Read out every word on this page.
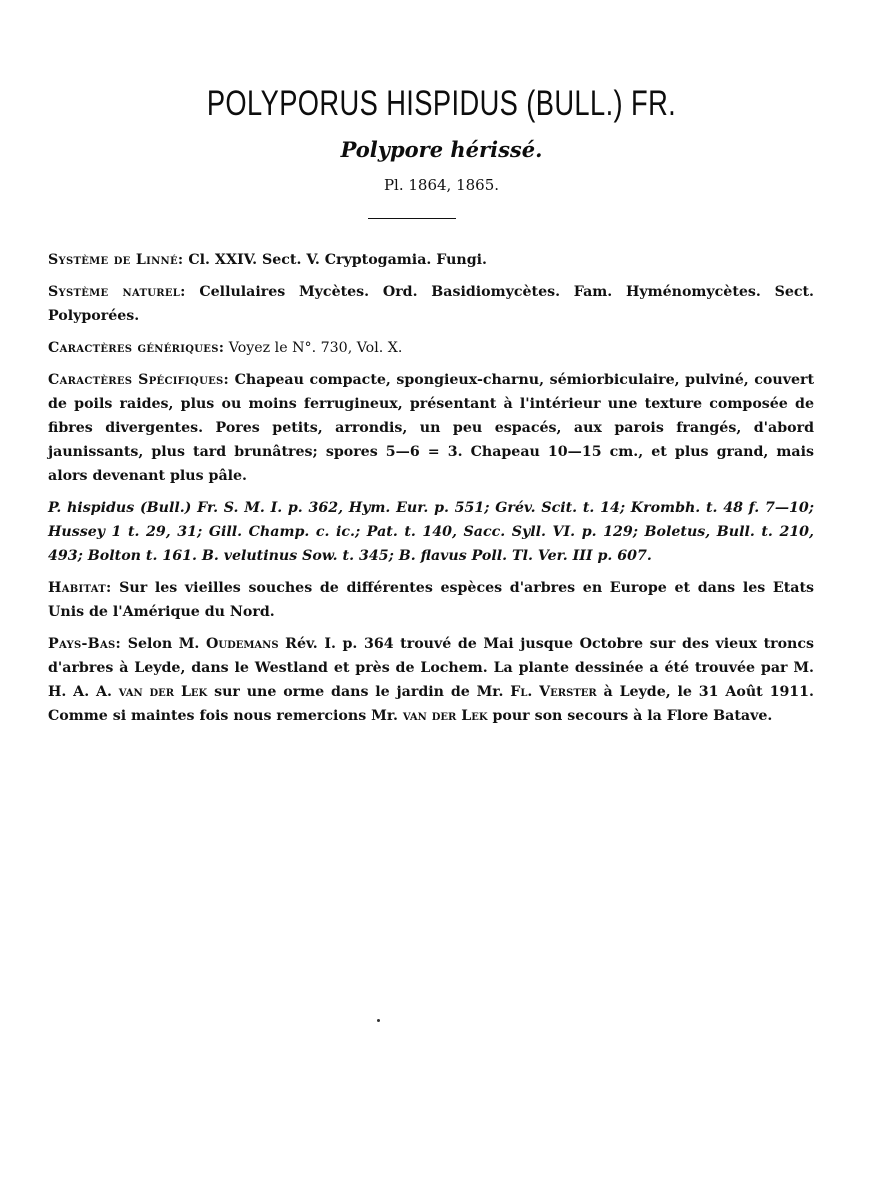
POLYPORUS HISPIDUS (BULL.) FR.
Polypore hérissé.
Pl. 1864, 1865.

Système de Linné: Cl. XXIV. Sect. V. Cryptogamia. Fungi.

Système naturel: Cellulaires Mycètes. Ord. Basidiomycètes. Fam. Hyménomycètes. Sect. Polyporées.

Caractères génériques: Voyez le N°. 730, Vol. X.

Caractères Spécifiques: Chapeau compacte, spongieux-charnu, sémiorbiculaire, pulviné, couvert de poils raides, plus ou moins ferrugineux, présentant à l'intérieur une texture composée de fibres divergentes. Pores petits, arrondis, un peu espacés, aux parois frangés, d'abord jaunissants, plus tard brunâtres; spores 5—6 = 3. Chapeau 10—15 cm., et plus grand, mais alors devenant plus pâle.

P. hispidus (Bull.) Fr. S. M. I. p. 362, Hym. Eur. p. 551; Grév. Scit. t. 14; Krombh. t. 48 f. 7—10; Hussey 1 t. 29, 31; Gill. Champ. c. ic.; Pat. t. 140, Sacc. Syll. VI. p. 129; Boletus, Bull. t. 210, 493; Bolton t. 161. B. velutinus Sow. t. 345; B. flavus Poll. Tl. Ver. III p. 607.

Habitat: Sur les vieilles souches de différentes espèces d'arbres en Europe et dans les Etats Unis de l'Amérique du Nord.

Pays-Bas: Selon M. Oudemans Rév. I. p. 364 trouvé de Mai jusque Octobre sur des vieux troncs d'arbres à Leyde, dans le Westland et près de Lochem. La plante dessinée a été trouvée par M. H. A. A. van der Lek sur une orme dans le jardin de Mr. Fl. Verster à Leyde, le 31 Août 1911. Comme si maintes fois nous remercions Mr. van der Lek pour son secours à la Flore Batave.
